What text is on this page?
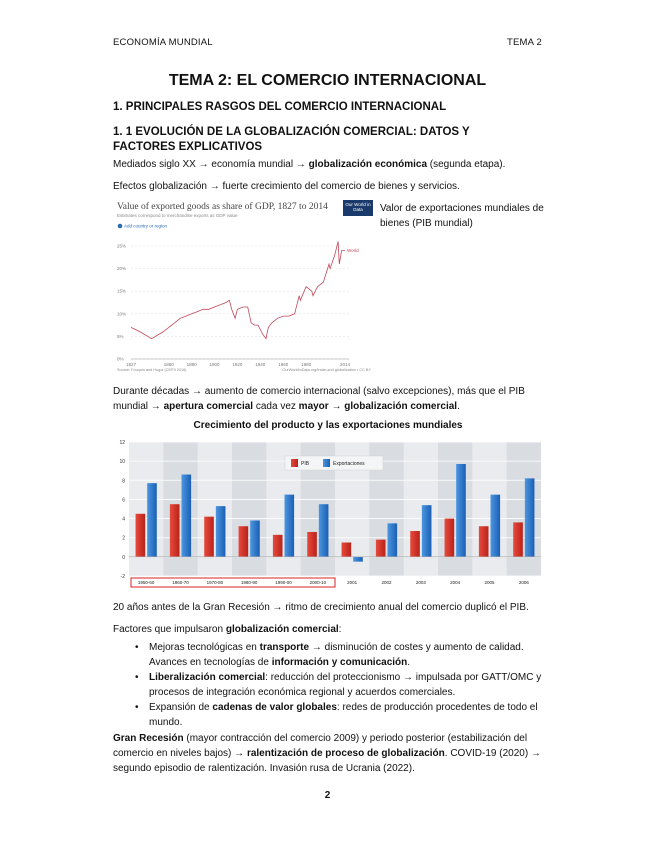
ECONOMÍA MUNDIAL	TEMA 2
TEMA 2: EL COMERCIO INTERNACIONAL
1. PRINCIPALES RASGOS DEL COMERCIO INTERNACIONAL
1. 1 EVOLUCIÓN DE LA GLOBALIZACIÓN COMERCIAL: DATOS Y FACTORES EXPLICATIVOS
Mediados siglo XX → economía mundial → globalización económica (segunda etapa).
Efectos globalización → fuerte crecimiento del comercio de bienes y servicios.
Value of exported goods as share of GDP, 1827 to 2014
Estimates correspond to merchandise exports as GDP value
Add country or region
0%
5%
10%
15%
20%
25%
1827	1860	1880	1900	1920	1940	1960	1980	2014
World
Source: Fouquin and Hugot (CEPII 2016)	OurWorldInData.org/trade-and-globalization • CC BY
Our World in Data	Valor de exportaciones mundiales de bienes (PIB mundial)
Durante décadas → aumento de comercio internacional (salvo excepciones), más que el PIB mundial → apertura comercial cada vez mayor → globalización comercial.
Crecimiento del producto y las exportaciones mundiales
12
10
8
6
4
2
0
-2
1950-60	1960-70	1970-80	1980-90	1990-00	2000-10	2001	2002	2003	2004	2005	2006
PIB	Exportaciones
20 años antes de la Gran Recesión → ritmo de crecimiento anual del comercio duplicó el PIB.
Factores que impulsaron globalización comercial:
• Mejoras tecnológicas en transporte → disminución de costes y aumento de calidad. Avances en tecnologías de información y comunicación.
• Liberalización comercial: reducción del proteccionismo → impulsada por GATT/OMC y procesos de integración económica regional y acuerdos comerciales.
• Expansión de cadenas de valor globales: redes de producción procedentes de todo el mundo.
Gran Recesión (mayor contracción del comercio 2009) y periodo posterior (estabilización del comercio en niveles bajos) → ralentización de proceso de globalización. COVID-19 (2020) → segundo episodio de ralentización. Invasión rusa de Ucrania (2022).
2
